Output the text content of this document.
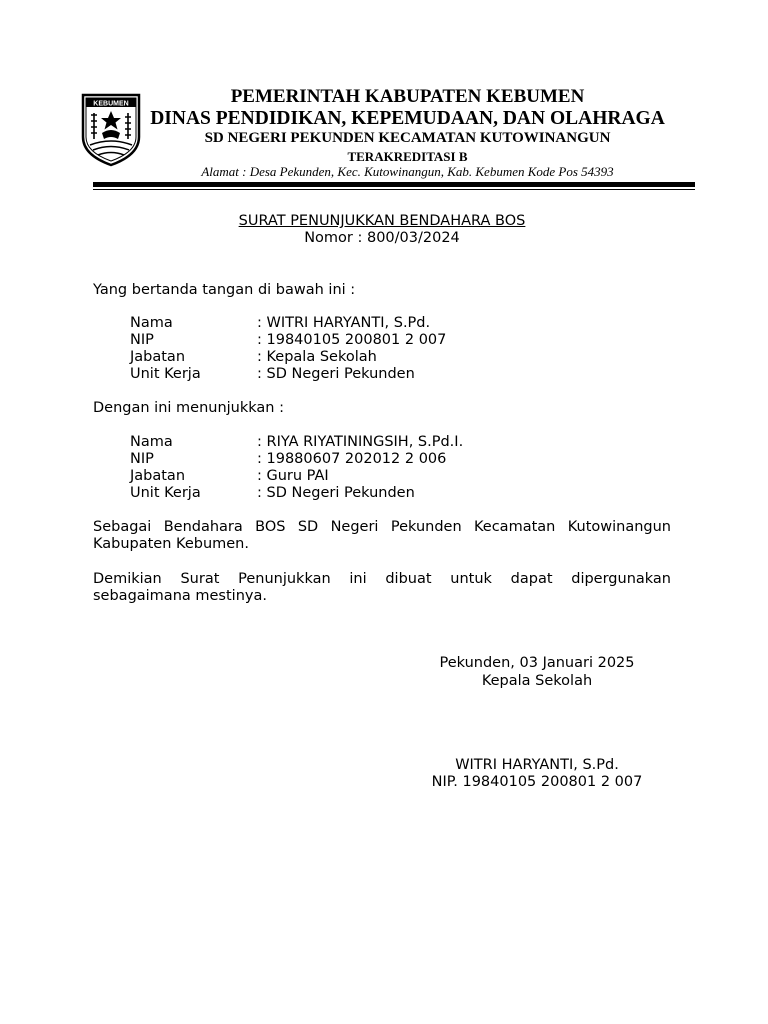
KEBUMEN	PEMERINTAH KABUPATEN KEBUMEN
DINAS PENDIDIKAN, KEPEMUDAAN, DAN OLAHRAGA
SD NEGERI PEKUNDEN KECAMATAN KUTOWINANGUN
TERAKREDITASI B
Alamat : Desa Pekunden, Kec. Kutowinangun, Kab. Kebumen Kode Pos 54393
SURAT PENUNJUKKAN BENDAHARA BOS
Nomor : 800/03/2024
Yang bertanda tangan di bawah ini :
Nama	: WITRI HARYANTI, S.Pd.
NIP	: 19840105 200801 2 007
Jabatan	: Kepala Sekolah
Unit Kerja	: SD Negeri Pekunden
Dengan ini menunjukkan :
Nama	: RIYA RIYATININGSIH, S.Pd.I.
NIP	: 19880607 202012 2 006
Jabatan	: Guru PAI
Unit Kerja	: SD Negeri Pekunden
Sebagai Bendahara BOS SD Negeri Pekunden Kecamatan Kutowinangun Kabupaten Kebumen.
Demikian Surat Penunjukkan ini dibuat untuk dapat dipergunakan sebagaimana mestinya.
Pekunden, 03 Januari 2025
Kepala Sekolah
WITRI HARYANTI, S.Pd.
NIP. 19840105 200801 2 007
